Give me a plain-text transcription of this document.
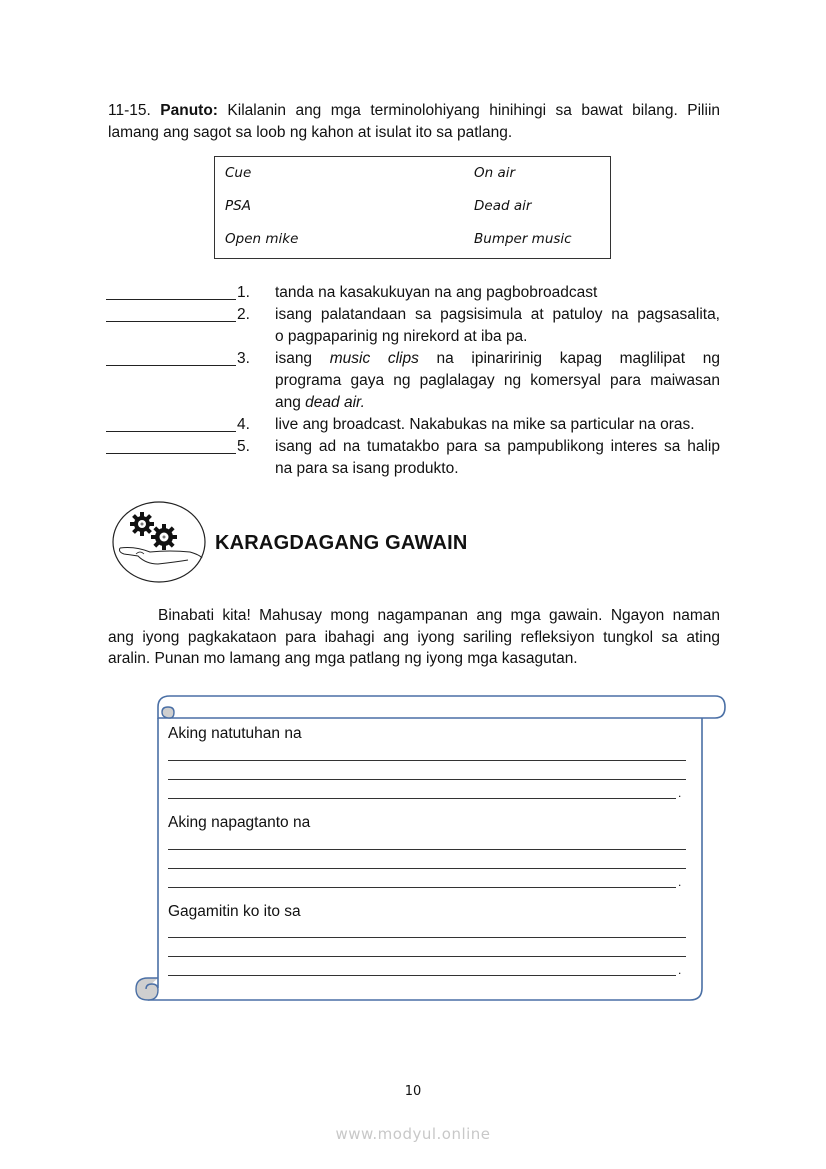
11-15. Panuto: Kilalanin ang mga terminolohiyang hinihingi sa bawat bilang. Piliin
lamang ang sagot sa loob ng kahon at isulat ito sa patlang.
Cue	On air
PSA	Dead air
Open mike	Bumper music
1. tanda na kasakukuyan na ang pagbobroadcast
2. isang palatandaan sa pagsisimula at patuloy na pagsasalita,
o pagpaparinig ng nirekord at iba pa.
3. isang music clips na ipinaririnig kapag maglilipat ng
programa gaya ng paglalagay ng komersyal para maiwasan
ang dead air.
4. live ang broadcast. Nakabukas na mike sa particular na oras.
5. isang ad na tumatakbo para sa pampublikong interes sa halip
na para sa isang produkto.
KARAGDAGANG GAWAIN
Binabati kita! Mahusay mong nagampanan ang mga gawain. Ngayon naman
ang iyong pagkakataon para ibahagi ang iyong sariling refleksiyon tungkol sa ating
aralin. Punan mo lamang ang mga patlang ng iyong mga kasagutan.
Aking natutuhan na
.
Aking napagtanto na
.
Gagamitin ko ito sa
.
10
www.modyul.online
